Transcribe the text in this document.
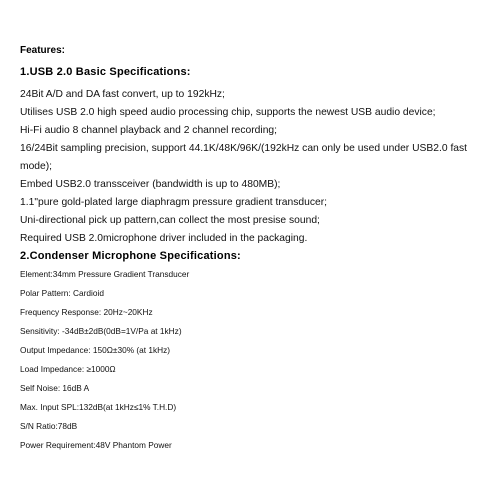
Features:
1.USB 2.0 Basic Specifications:
24Bit A/D and DA fast convert, up to 192kHz;
Utilises USB 2.0 high speed audio processing chip, supports the newest USB audio device;
Hi-Fi audio 8 channel playback and 2 channel recording;
16/24Bit sampling precision, support 44.1K/48K/96K/(192kHz can only be used under USB2.0 fast mode);
Embed USB2.0 transsceiver (bandwidth is up to 480MB);
1.1"pure gold-plated large diaphragm pressure gradient transducer;
Uni-directional pick up pattern,can collect the most presise sound;
Required USB 2.0microphone driver included in the packaging.
2.Condenser Microphone Specifications:
Element:34mm Pressure Gradient Transducer
Polar Pattern: Cardioid
Frequency Response: 20Hz~20KHz
Sensitivity: -34dB±2dB(0dB=1V/Pa at 1kHz)
Output Impedance: 150Ω±30% (at 1kHz)
Load Impedance: ≥1000Ω
Self Noise: 16dB A
Max. Input SPL:132dB(at 1kHz≤1% T.H.D)
S/N Ratio:78dB
Power Requirement:48V Phantom Power
